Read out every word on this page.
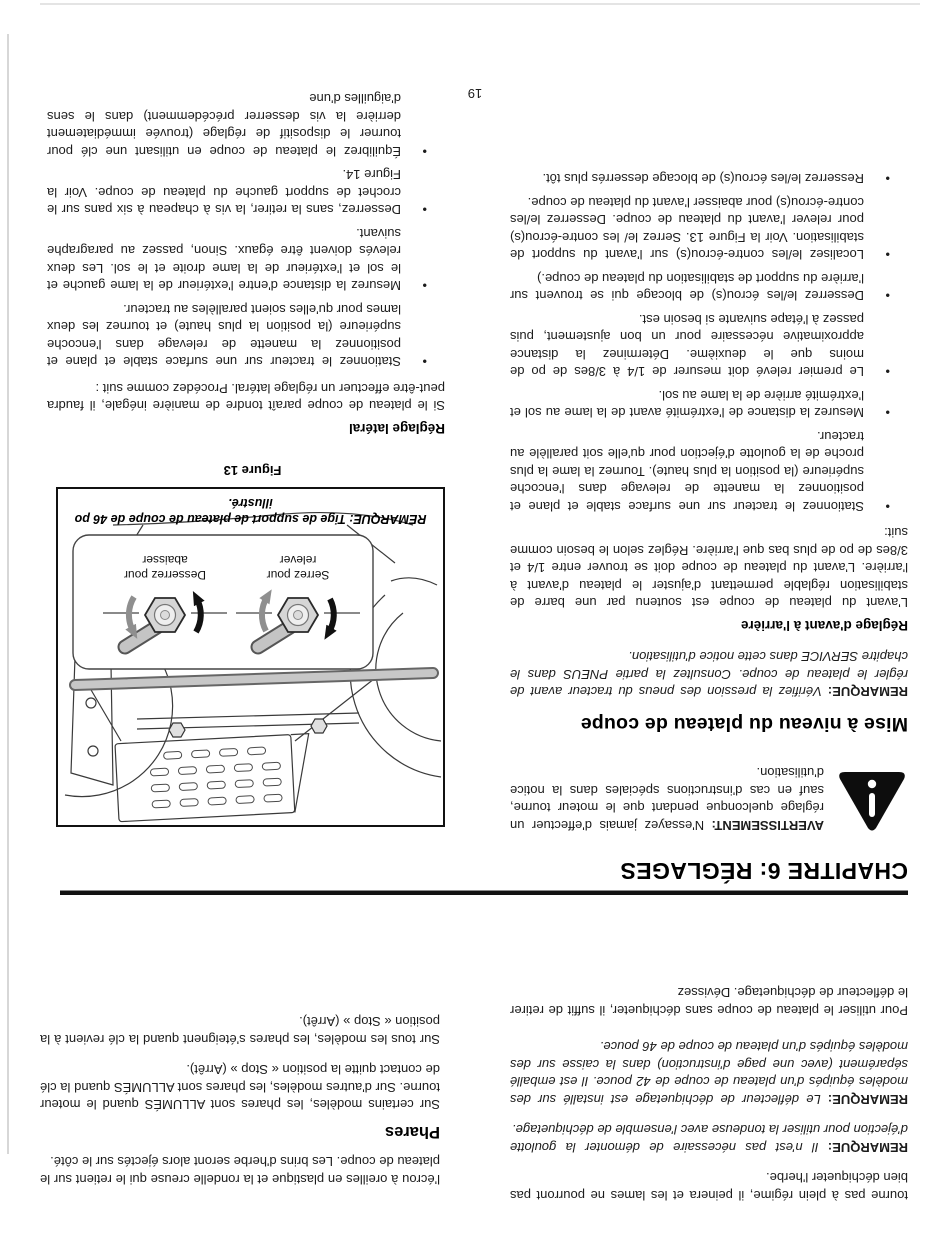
tourne pas à plein régime, il peinera et les lames ne pourront pas bien déchiqueter l'herbe.

REMARQUE: Il n'est pas nécessaire de démonter la goulotte d'éjection pour utiliser la tondeuse avec l'ensemble de déchiquetage.

REMARQUE: Le déflecteur de déchiquetage est installé sur des modèles équipés d'un plateau de coupe de 42 pouce. Il est emballé séparément (avec une page d'instruction) dans la caisse sur des modèles équipés d'un plateau de coupe de 46 pouce.

Pour utiliser le plateau de coupe sans déchiqueter, il suffit de retirer le déflecteur de déchiquetage. Dévissez

l'écrou à oreilles en plastique et la rondelle creuse qui le retient sur le plateau de coupe. Les brins d'herbe seront alors éjectés sur le côté.

Phares

Sur certains modèles, les phares sont ALLUMÉS quand le moteur tourne. Sur d'autres modèles, les phares sont ALLUMÉS quand la clé de contact quitte la position « Stop » (Arrêt).

Sur tous les modèles, les phares s'éteignent quand la clé revient à la position « Stop » (Arrêt).

CHAPITRE 6: RÉGLAGES
AVERTISSEMENT: N'essayez jamais d'effectuer un réglage quelconque pendant que le moteur tourne, sauf en cas d'instructions spéciales dans la notice d'utilisation.
Mise à niveau du plateau de coupe

REMARQUE: Vérifiez la pression des pneus du tracteur avant de régler le plateau de coupe. Consultez la partie PNEUS dans le chapitre SERVICE dans cette notice d'utilisation.

Réglage d'avant à l'arrière

L'avant du plateau de coupe est soutenu par une barre de stabilisation réglable permettant d'ajuster le plateau d'avant à l'arrière. L'avant du plateau de coupe doit se trouver entre 1/4 et 3/8es de po de plus bas que l'arrière. Réglez selon le besoin comme suit:

• Stationnez le tracteur sur une surface stable et plane et positionnez la manette de relevage dans l'encoche supérieure (la position la plus haute). Tournez la lame la plus proche de la goulotte d'éjection pour qu'elle soit parallèle au tracteur.
• Mesurez la distance de l'extrémité avant de la lame au sol et l'extrémité arrière de la lame au sol.
• Le premier relevé doit mesurer de 1/4 à 3/8es de po de moins que le deuxième. Déterminez la distance approximative nécessaire pour un bon ajustement, puis passez à l'étape suivante si besoin est.
• Desserrez le/les écrou(s) de blocage qui se trouvent sur l'arrière du support de stabilisation du plateau de coupe.)
• Localisez le/les contre-écrou(s) sur l'avant du support de stabilisation. Voir la Figure 13. Serrez le/ les contre-écrou(s) pour relever l'avant du plateau de coupe. Desserrez le/les contre-écrou(s) pour abaisser l'avant du plateau de coupe.
• Resserrez le/les écrou(s) de blocage desserrés plus tôt.
Serrez pour relever
Desserrez pour abaisser
REMARQUE: Tige de support de plateau de coupe de 46 po illustré.

Figure 13

Réglage latéral

Si le plateau de coupe paraît tondre de manière inégale, il faudra peut-être effectuer un réglage latéral. Procédez comme suit :

• Stationnez le tracteur sur une surface stable et plane et positionnez la manette de relevage dans l'encoche supérieure (la position la plus haute) et tournez les deux lames pour qu'elles soient parallèles au tracteur.
• Mesurez la distance d'entre l'extérieur de la lame gauche et le sol et l'extérieur de la lame droite et le sol. Les deux relevés doivent être égaux. Sinon, passez au paragraphe suivant.
• Desserrez, sans la retirer, la vis à chapeau à six pans sur le crochet de support gauche du plateau de coupe. Voir la Figure 14.
• Équilibrez le plateau de coupe en utilisant une clé pour tourner le dispositif de réglage (trouvée immédiatement derrière la vis desserrer précédemment) dans le sens d'aiguilles d'une	19
